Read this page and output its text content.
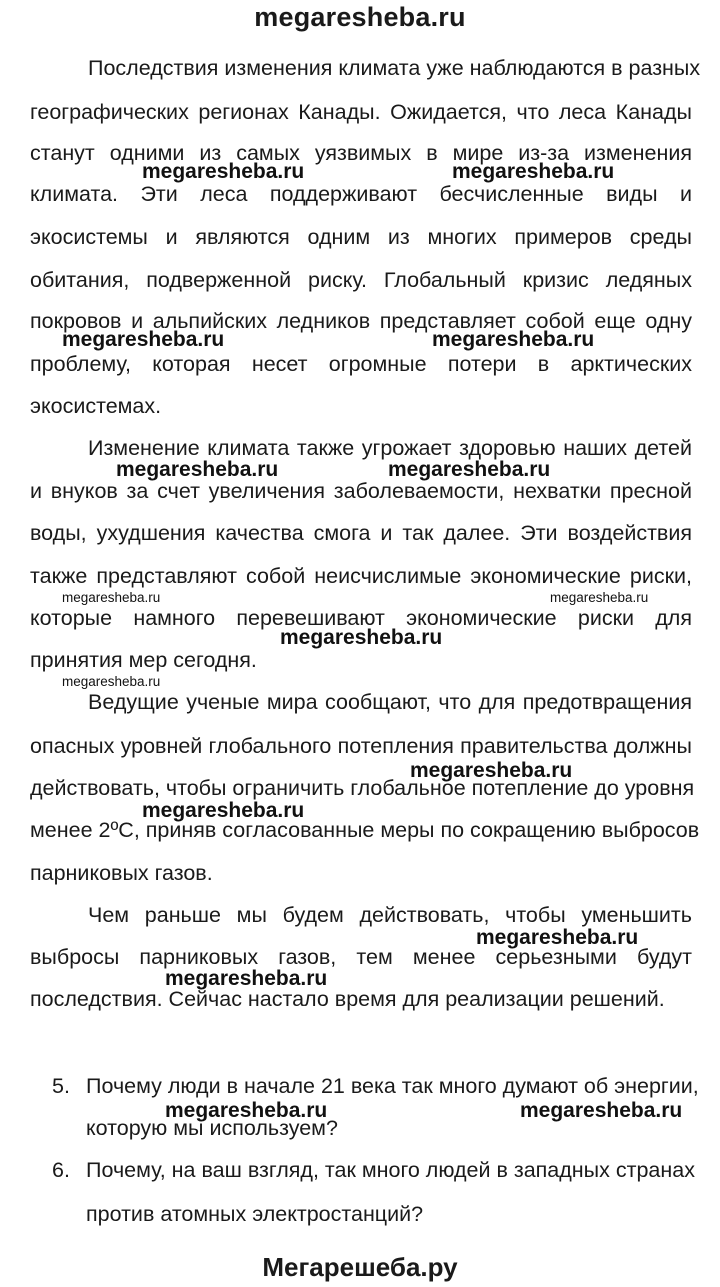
megaresheba.ru
Последствия изменения климата уже наблюдаются в разных
географических регионах Канады. Ожидается, что леса Канады
станут одними из самых уязвимых в мире из-за изменения
климата. Эти леса поддерживают бесчисленные виды и
экосистемы и являются одним из многих примеров среды
обитания, подверженной риску. Глобальный кризис ледяных
покровов и альпийских ледников представляет собой еще одну
проблему, которая несет огромные потери в арктических
экосистемах.
Изменение климата также угрожает здоровью наших детей
и внуков за счет увеличения заболеваемости, нехватки пресной
воды, ухудшения качества смога и так далее. Эти воздействия
также представляют собой неисчислимые экономические риски,
которые намного перевешивают экономические риски для
принятия мер сегодня.
Ведущие ученые мира сообщают, что для предотвращения
опасных уровней глобального потепления правительства должны
действовать, чтобы ограничить глобальное потепление до уровня
менее 2ºC, приняв согласованные меры по сокращению выбросов
парниковых газов.
Чем раньше мы будем действовать, чтобы уменьшить
выбросы парниковых газов, тем менее серьезными будут
последствия. Сейчас настало время для реализации решений.
5. Почему люди в начале 21 века так много думают об энергии,
которую мы используем?
6. Почему, на ваш взгляд, так много людей в западных странах
против атомных электростанций?
megaresheba.ru	megaresheba.ru
megaresheba.ru	megaresheba.ru
megaresheba.ru	megaresheba.ru
megaresheba.ru	megaresheba.ru
megaresheba.ru
megaresheba.ru
megaresheba.ru
megaresheba.ru
megaresheba.ru
megaresheba.ru
megaresheba.ru	megaresheba.ru
Мегарешеба.ру
